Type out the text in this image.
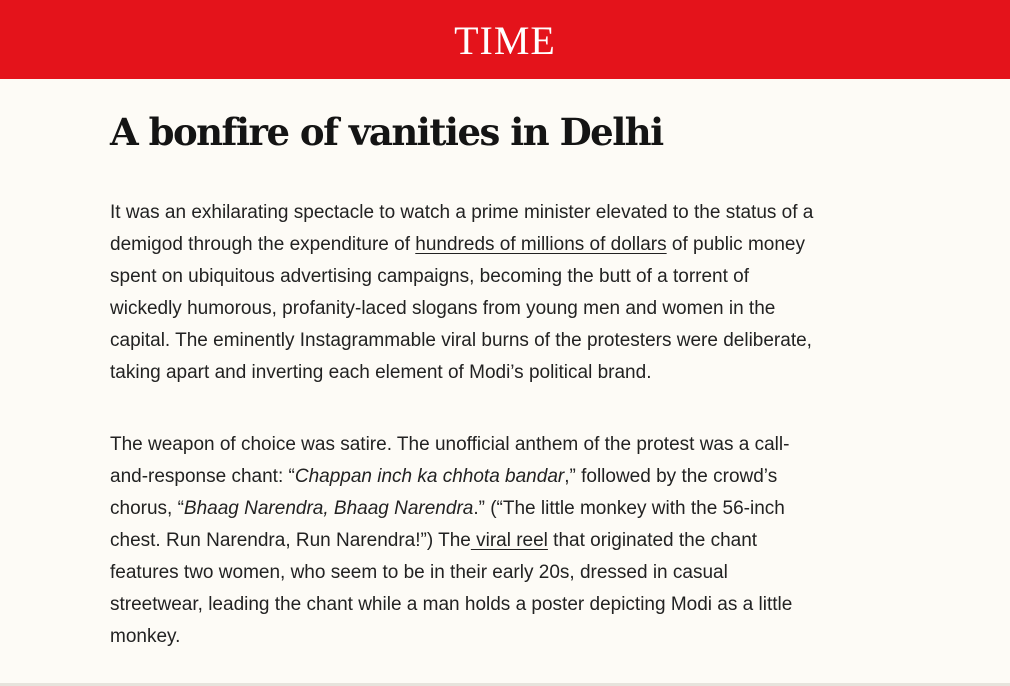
TIME
A bonfire of vanities in Delhi

It was an exhilarating spectacle to watch a prime minister elevated to the status of a
demigod through the expenditure of hundreds of millions of dollars of public money
spent on ubiquitous advertising campaigns, becoming the butt of a torrent of
wickedly humorous, profanity-laced slogans from young men and women in the
capital. The eminently Instagrammable viral burns of the protesters were deliberate,
taking apart and inverting each element of Modi’s political brand.

The weapon of choice was satire. The unofficial anthem of the protest was a call-
and-response chant: “Chappan inch ka chhota bandar,” followed by the crowd’s
chorus, “Bhaag Narendra, Bhaag Narendra.” (“The little monkey with the 56-inch
chest. Run Narendra, Run Narendra!”) The viral reel that originated the chant
features two women, who seem to be in their early 20s, dressed in casual
streetwear, leading the chant while a man holds a poster depicting Modi as a little
monkey.
